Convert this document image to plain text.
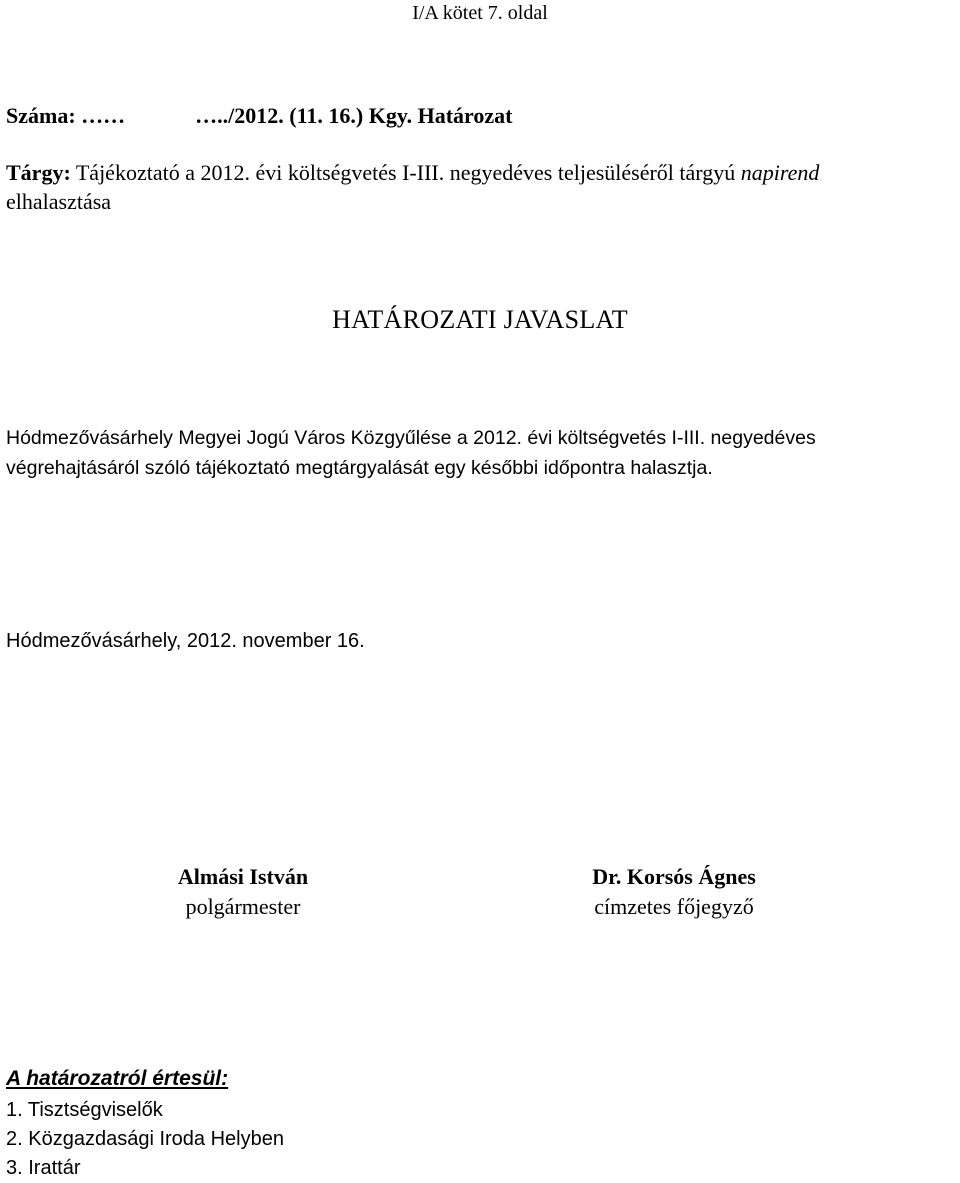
I/A kötet 7. oldal
Száma: ……	…../2012. (11. 16.) Kgy. Határozat
Tárgy: Tájékoztató a 2012. évi költségvetés I-III. negyedéves teljesüléséről tárgyú napirend
elhalasztása
HATÁROZATI JAVASLAT
Hódmezővásárhely Megyei Jogú Város Közgyűlése a 2012. évi költségvetés I-III. negyedéves
végrehajtásáról szóló tájékoztató megtárgyalását egy későbbi időpontra halasztja.
Hódmezővásárhely, 2012. november 16.
Almási István
polgármester
Dr. Korsós Ágnes
címzetes főjegyző
A határozatról értesül:
1. Tisztségviselők
2. Közgazdasági Iroda Helyben
3. Irattár
